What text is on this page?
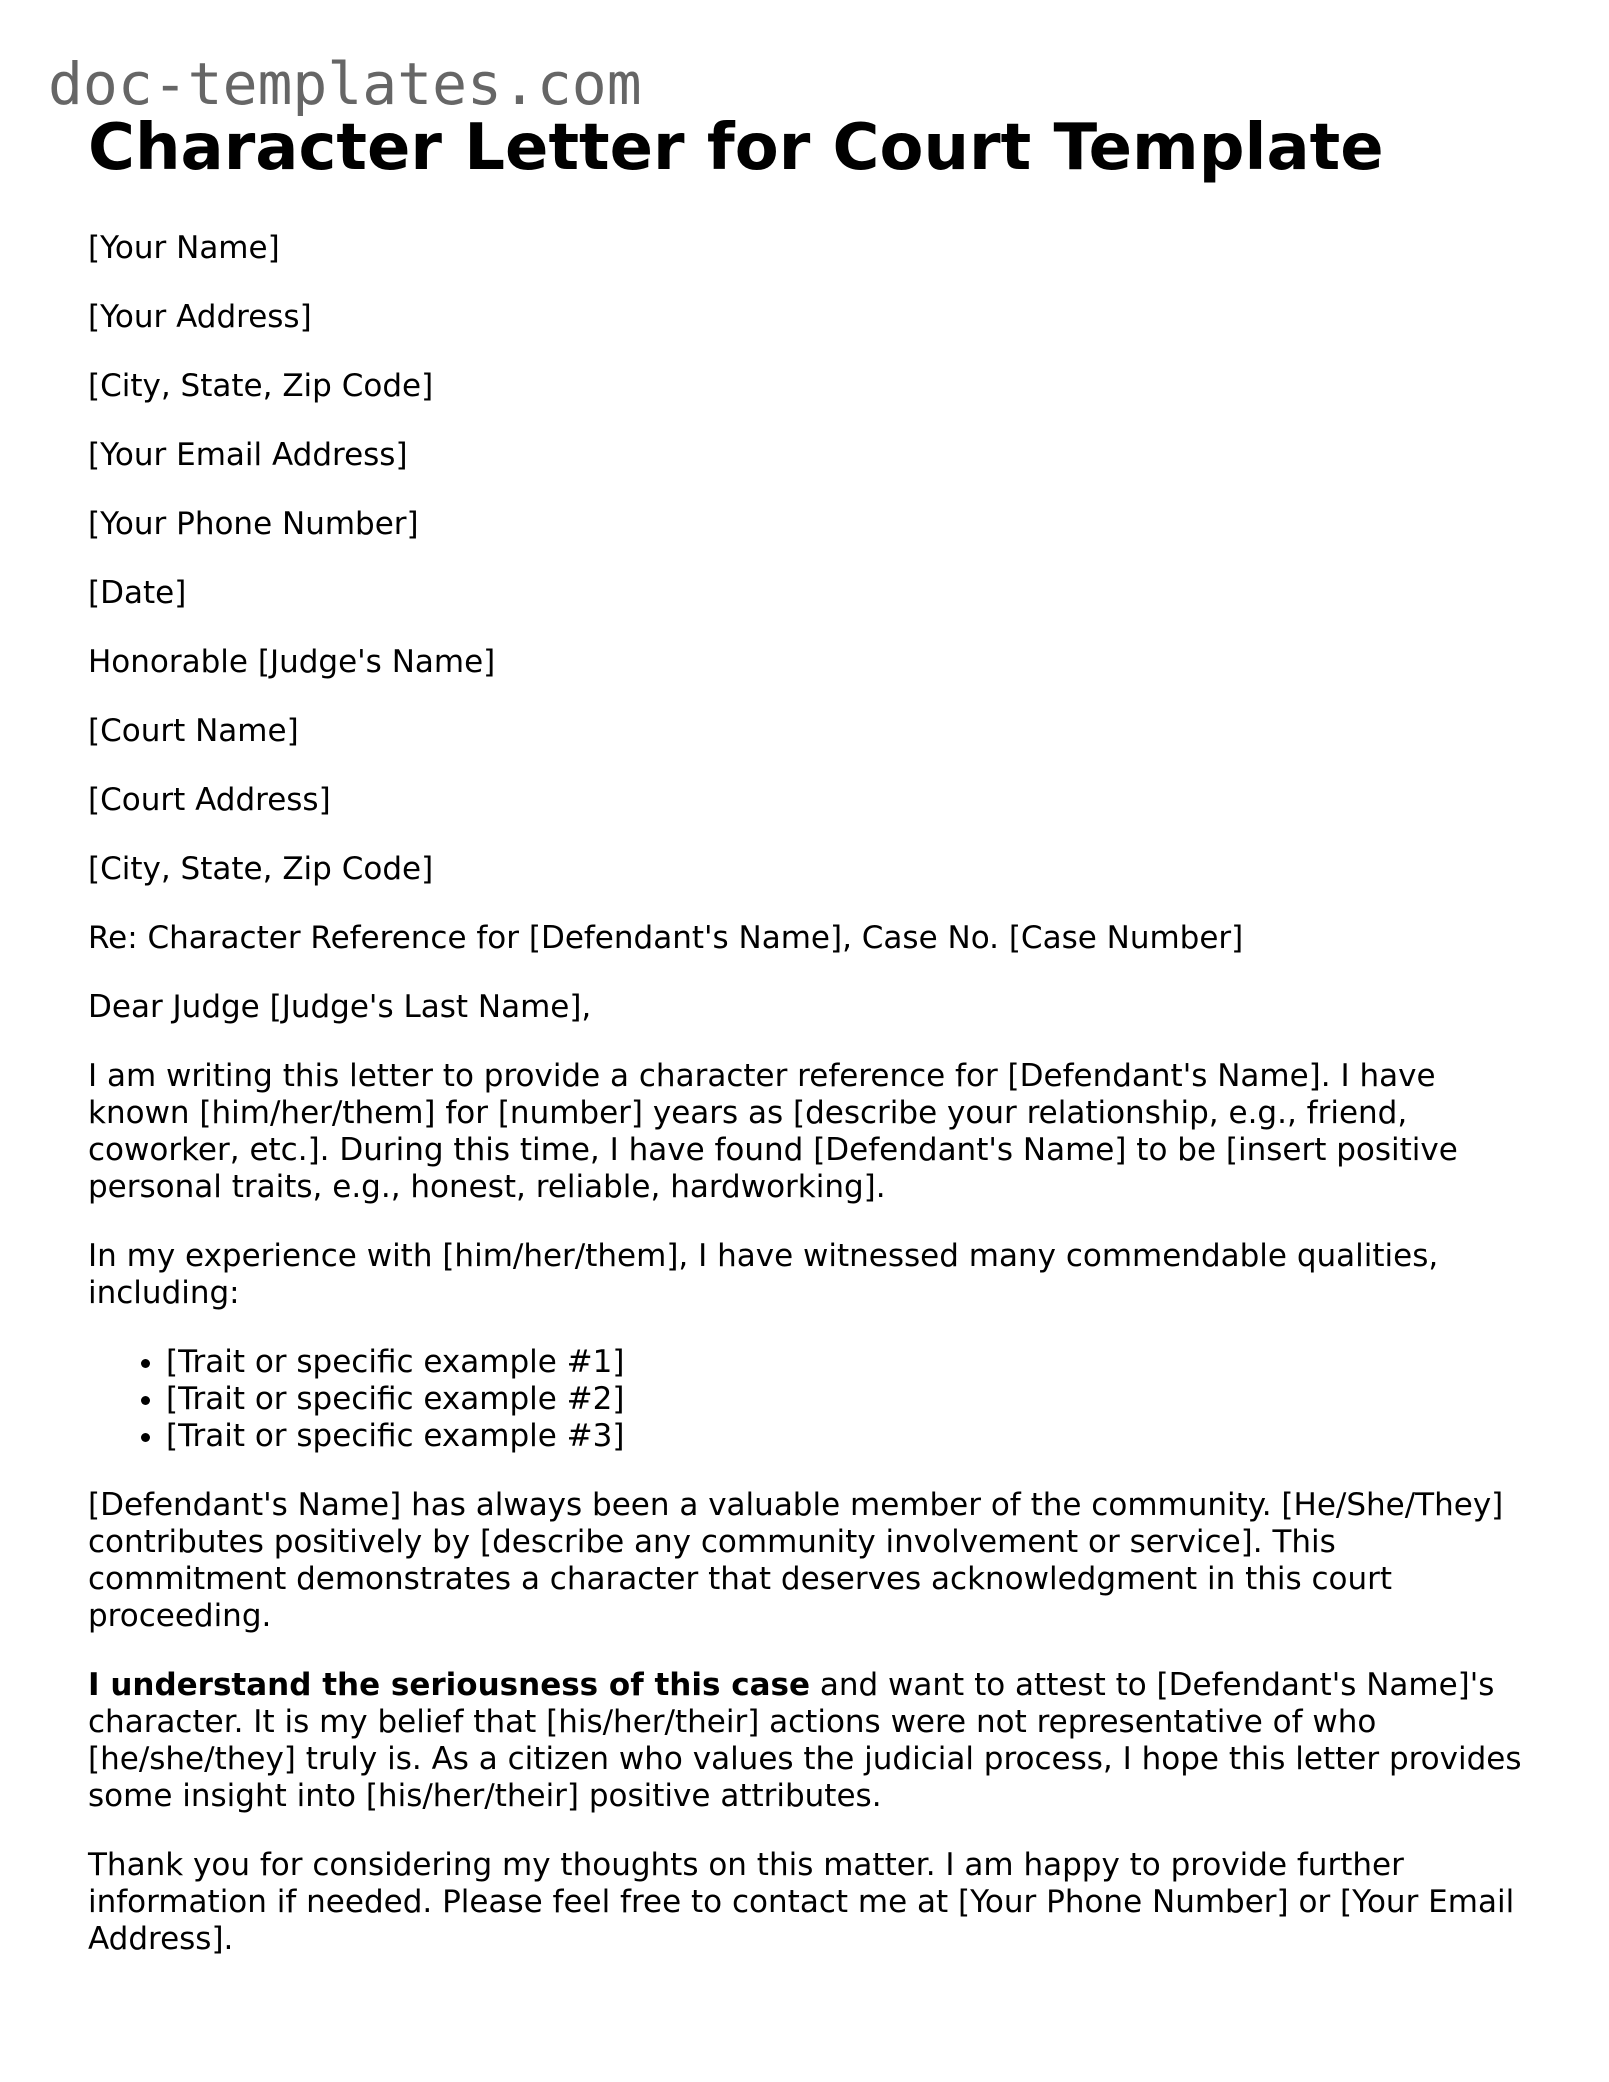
doc-templates.com
Character Letter for Court Template

[Your Name]

[Your Address]

[City, State, Zip Code]

[Your Email Address]

[Your Phone Number]

[Date]

Honorable [Judge's Name]

[Court Name]

[Court Address]

[City, State, Zip Code]

Re: Character Reference for [Defendant's Name], Case No. [Case Number]

Dear Judge [Judge's Last Name],

I am writing this letter to provide a character reference for [Defendant's Name]. I have known [him/her/them] for [number] years as [describe your relationship, e.g., friend, coworker, etc.]. During this time, I have found [Defendant's Name] to be [insert positive personal traits, e.g., honest, reliable, hardworking].

In my experience with [him/her/them], I have witnessed many commendable qualities, including:

• [Trait or specific example #1]
• [Trait or specific example #2]
• [Trait or specific example #3]

[Defendant's Name] has always been a valuable member of the community. [He/She/They] contributes positively by [describe any community involvement or service]. This commitment demonstrates a character that deserves acknowledgment in this court proceeding.

I understand the seriousness of this case and want to attest to [Defendant's Name]'s character. It is my belief that [his/her/their] actions were not representative of who [he/she/they] truly is. As a citizen who values the judicial process, I hope this letter provides some insight into [his/her/their] positive attributes.

Thank you for considering my thoughts on this matter. I am happy to provide further information if needed. Please feel free to contact me at [Your Phone Number] or [Your Email Address].
